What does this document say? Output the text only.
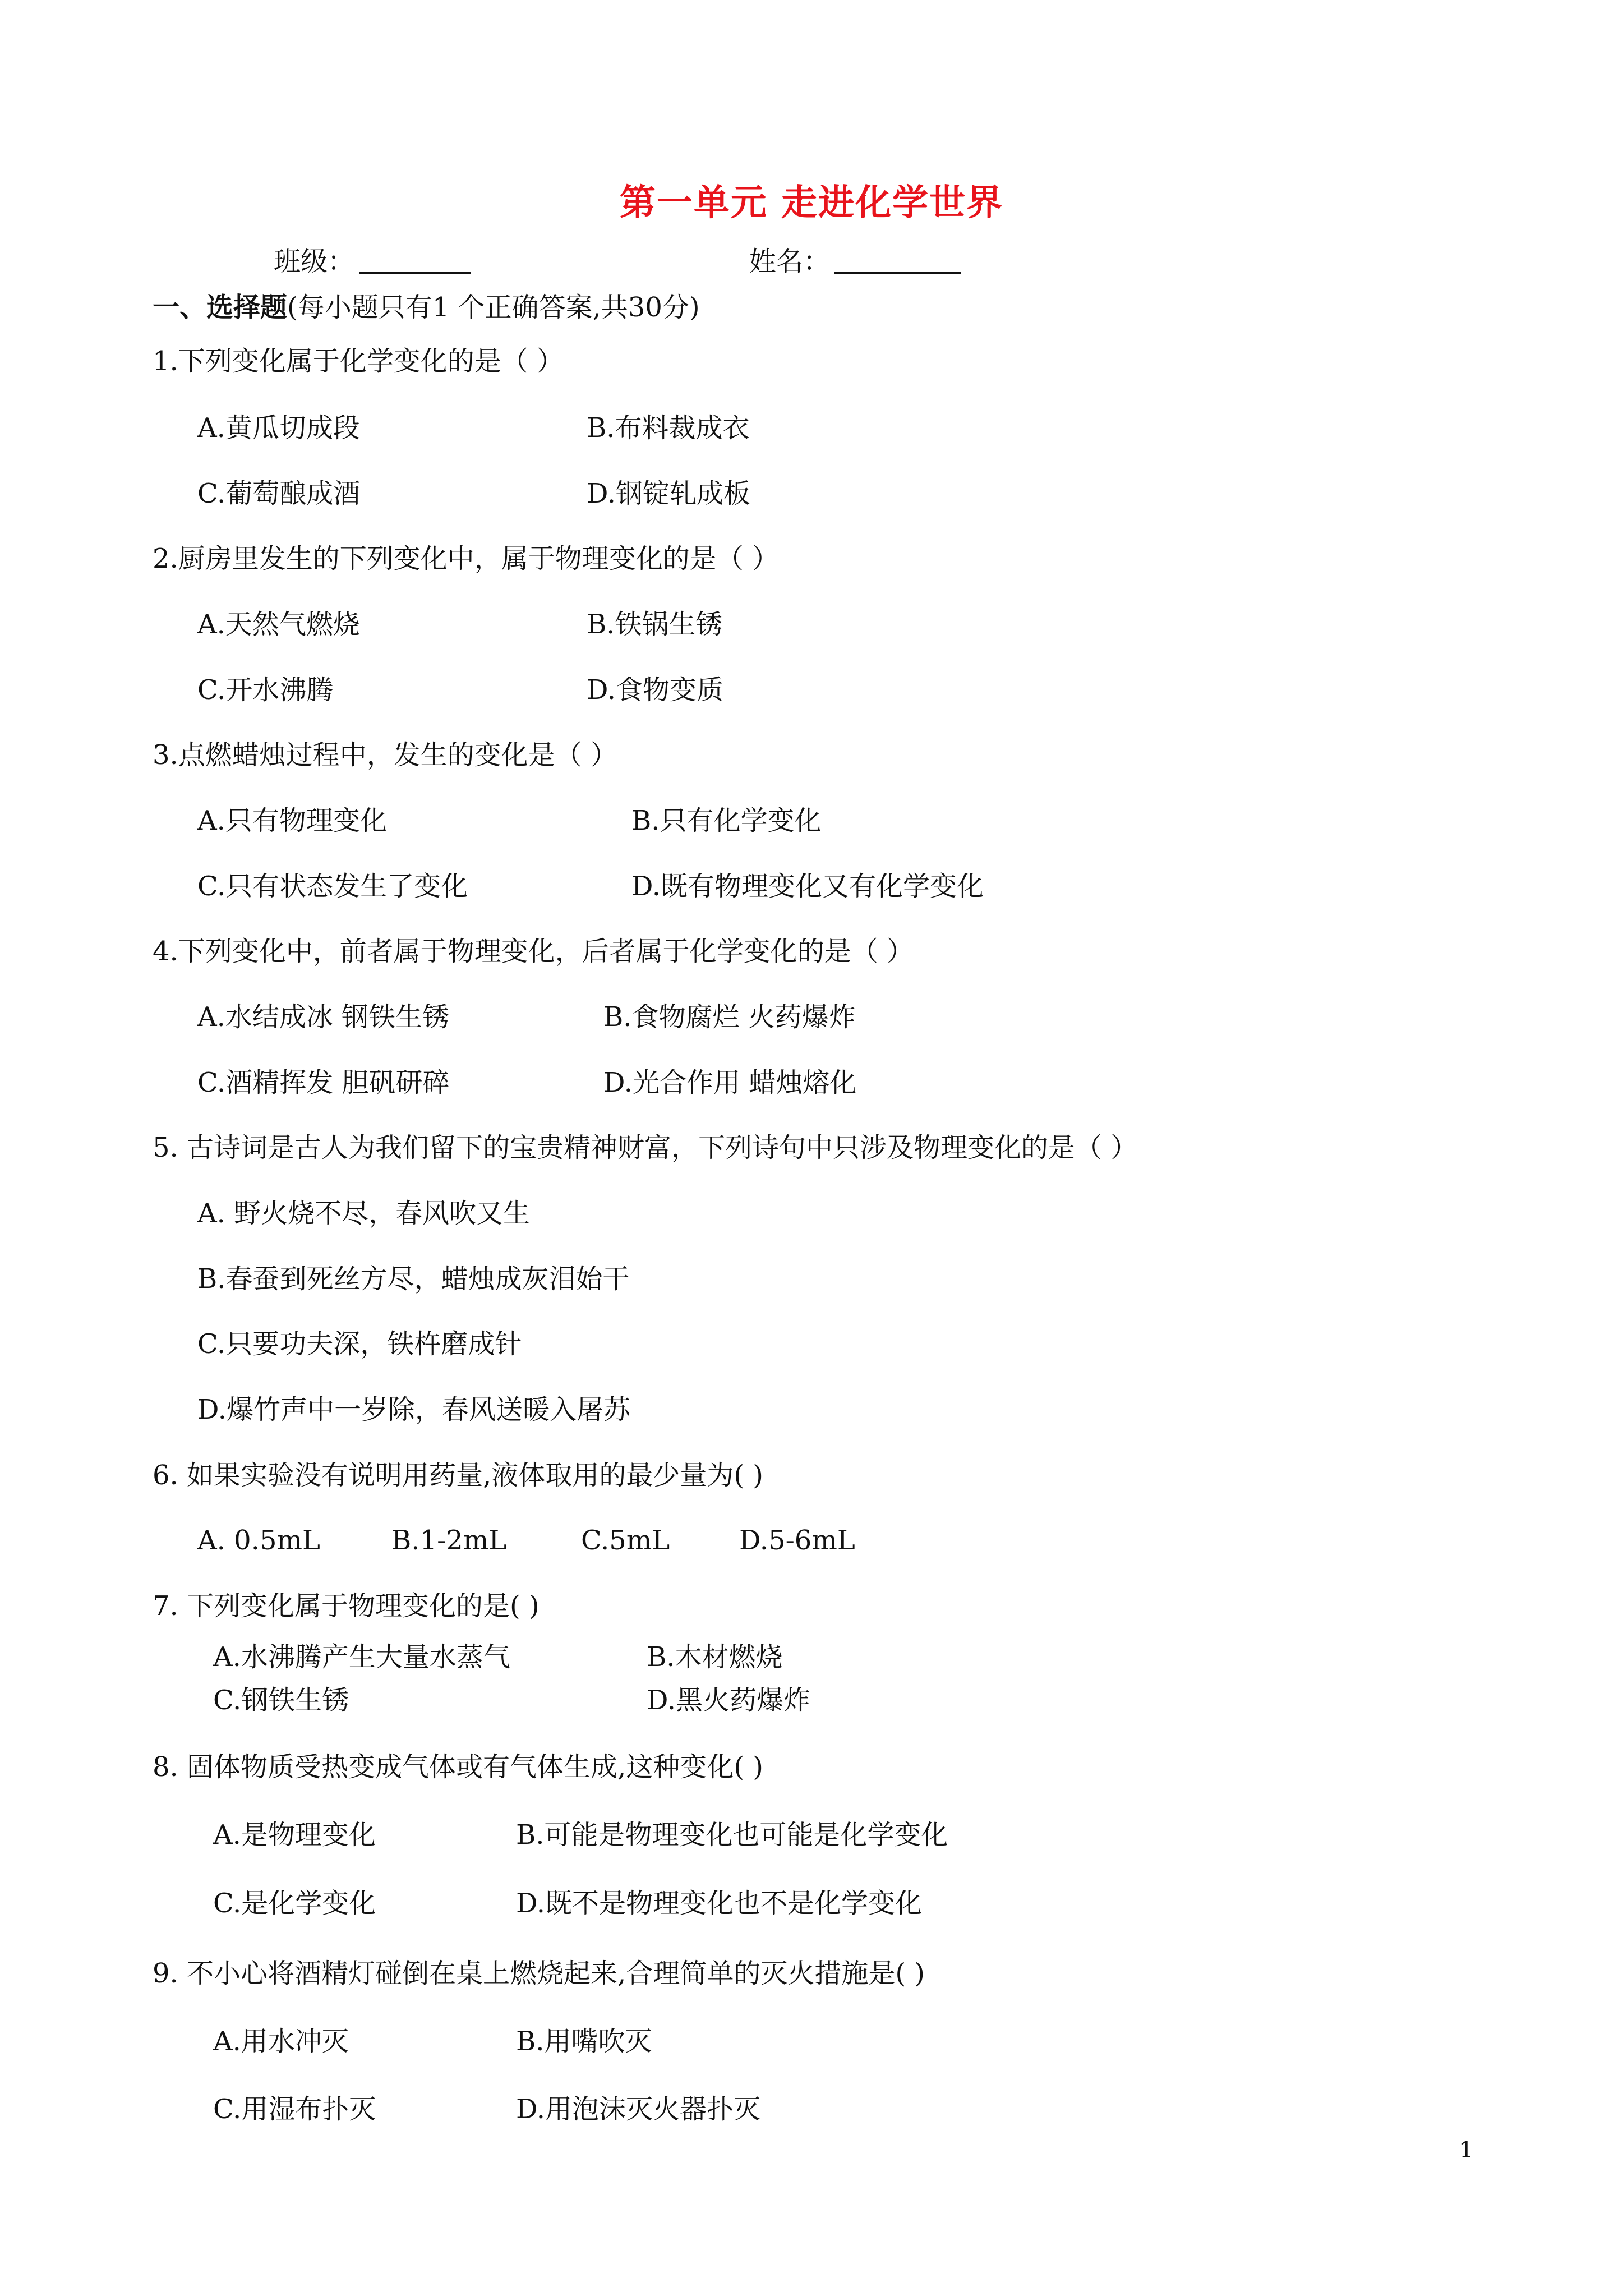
第一单元 走进化学世界
班级：	姓名：
一、选择题(每小题只有1 个正确答案,共30分)
1.下列变化属于化学变化的是（ ）
A.黄瓜切成段	B.布料裁成衣
C.葡萄酿成酒	D.钢锭轧成板
2.厨房里发生的下列变化中，属于物理变化的是（ ）
A.天然气燃烧	B.铁锅生锈
C.开水沸腾	D.食物变质
3.点燃蜡烛过程中，发生的变化是（ ）
A.只有物理变化	B.只有化学变化
C.只有状态发生了变化	D.既有物理变化又有化学变化
4.下列变化中，前者属于物理变化，后者属于化学变化的是（ ）
A.水结成冰 钢铁生锈	B.食物腐烂 火药爆炸
C.酒精挥发 胆矾研碎	D.光合作用 蜡烛熔化
5. 古诗词是古人为我们留下的宝贵精神财富，下列诗句中只涉及物理变化的是（ ）
A. 野火烧不尽，春风吹又生
B.春蚕到死丝方尽，蜡烛成灰泪始干
C.只要功夫深，铁杵磨成针
D.爆竹声中一岁除，春风送暖入屠苏
6. 如果实验没有说明用药量,液体取用的最少量为( )
A. 0.5mL	B.1-2mL	C.5mL	D.5-6mL
7. 下列变化属于物理变化的是( )
A.水沸腾产生大量水蒸气	B.木材燃烧
C.钢铁生锈	D.黑火药爆炸
8. 固体物质受热变成气体或有气体生成,这种变化( )
A.是物理变化	B.可能是物理变化也可能是化学变化
C.是化学变化	D.既不是物理变化也不是化学变化
9. 不小心将酒精灯碰倒在桌上燃烧起来,合理简单的灭火措施是( )
A.用水冲灭	B.用嘴吹灭
C.用湿布扑灭	D.用泡沫灭火器扑灭
1
